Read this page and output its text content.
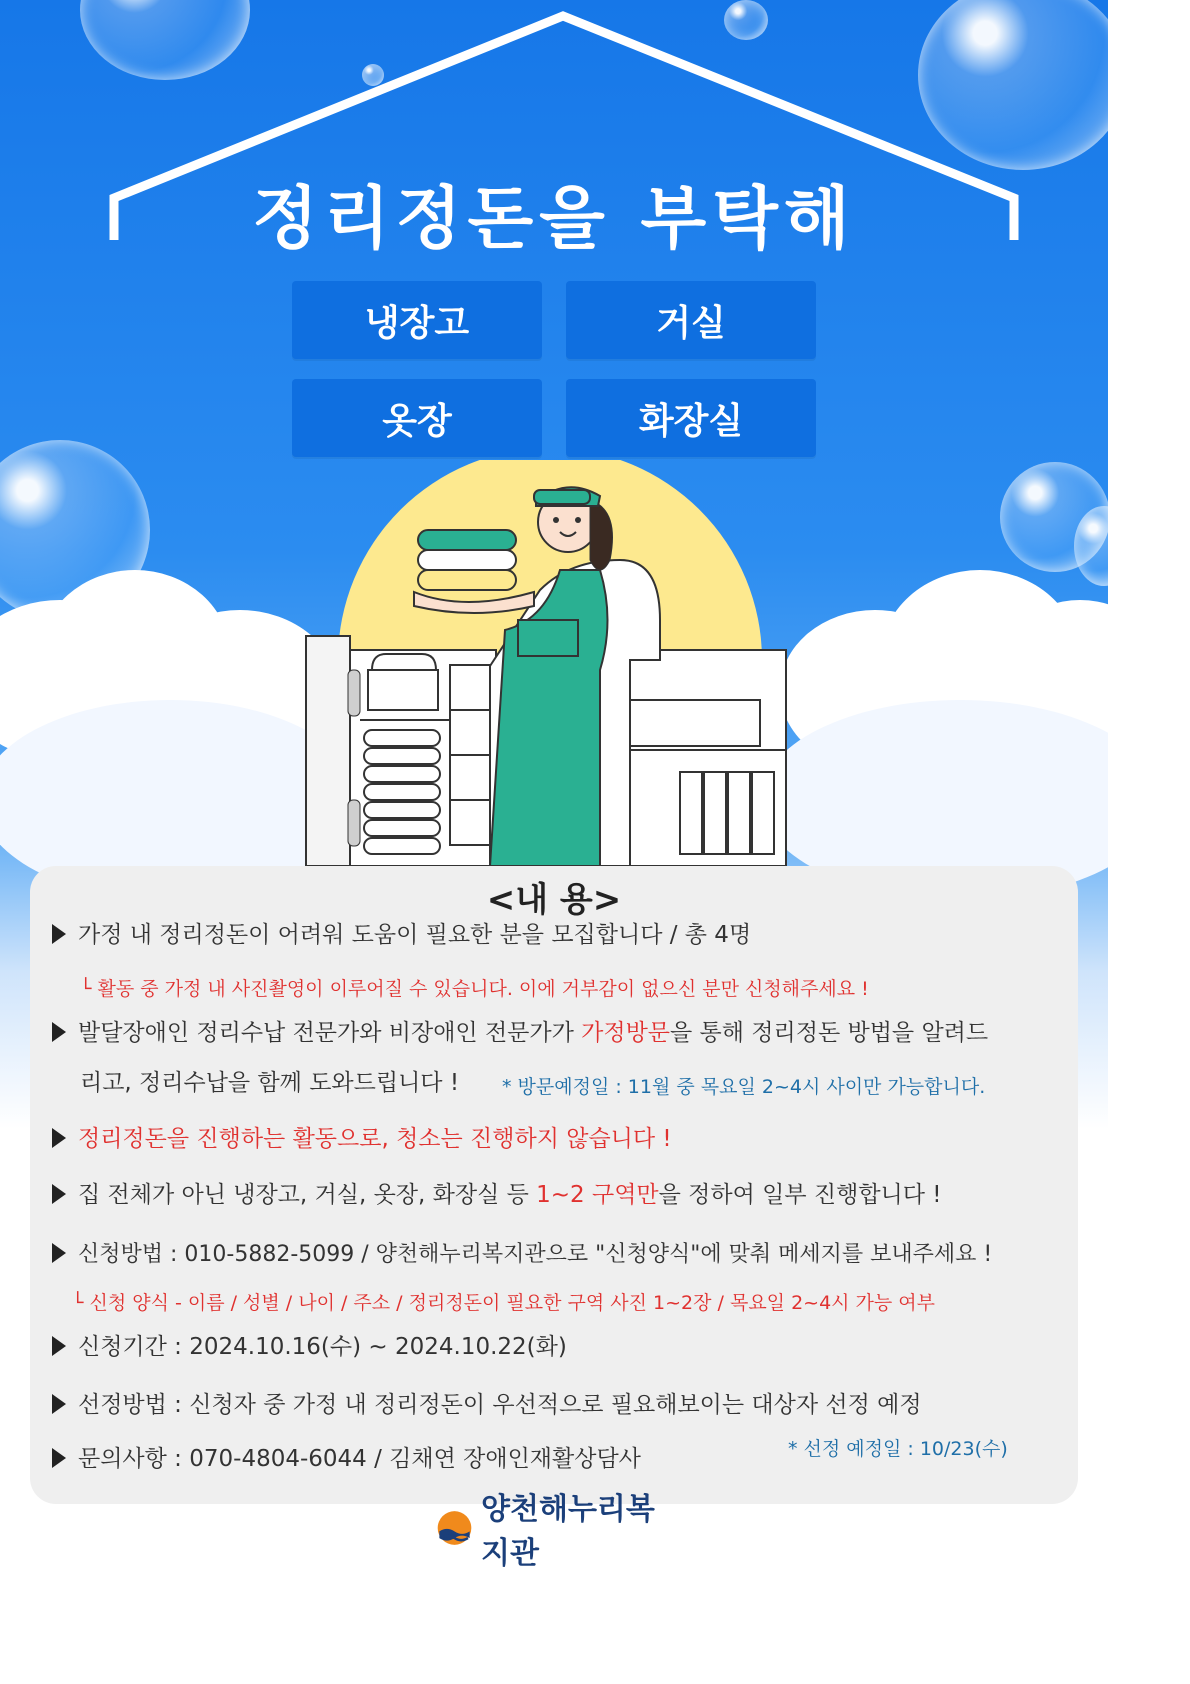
정리정돈을 부탁해
냉장고	거실
옷장	화장실
<내 용>
가정 내 정리정돈이 어려워 도움이 필요한 분을 모집합니다 / 총 4명
└ 활동 중 가정 내 사진촬영이 이루어질 수 있습니다. 이에 거부감이 없으신 분만 신청해주세요 !
발달장애인 정리수납 전문가와 비장애인 전문가가 가정방문을 통해 정리정돈 방법을 알려드
리고, 정리수납을 함께 도와드립니다 !	* 방문예정일 : 11월 중 목요일 2~4시 사이만 가능합니다.
정리정돈을 진행하는 활동으로, 청소는 진행하지 않습니다 !
집 전체가 아닌 냉장고, 거실, 옷장, 화장실 등 1~2 구역만을 정하여 일부 진행합니다 !
신청방법 : 010-5882-5099 / 양천해누리복지관으로 "신청양식"에 맞춰 메세지를 보내주세요 !
└ 신청 양식 - 이름 / 성별 / 나이 / 주소 / 정리정돈이 필요한 구역 사진 1~2장 / 목요일 2~4시 가능 여부
신청기간 : 2024.10.16(수) ~ 2024.10.22(화)
선정방법 : 신청자 중 가정 내 정리정돈이 우선적으로 필요해보이는 대상자 선정 예정
* 선정 예정일 : 10/23(수)
문의사항 : 070-4804-6044 / 김채연 장애인재활상담사
양천해누리복지관
